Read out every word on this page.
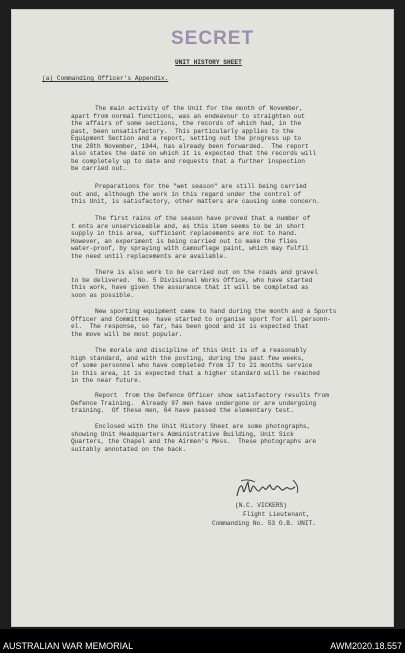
SECRET
UNIT HISTORY SHEET

(a) Commanding Officer's Appendix.

The main activity of the Unit for the month of November,
apart from normal functions, was an endeavour to straighten out
the affairs of some sections, the records of which had, in the
past, been unsatisfactory.  This particularly applies to the
Equipment Section and a report, setting out the progress up to
the 28th November, 1944, has already been forwarded.  The report
also states the date on which it is expected that the records will
be completely up to date and requests that a further inspection
be carried out.
Preparations for the "wet season" are still being carried
out and, although the work in this regard under the control of
this Unit, is satisfactory, other matters are causing some concern.
The first rains of the season have proved that a number of
t ents are unserviceable and, as this item seems to be in short
supply in this area, sufficient replacements are not to hand.
However, an experiment is being carried out to make the flies
water-proof, by spraying with camouflage paint, which may fulfil
the need until replacements are available.
There is also work to be carried out on the roads and gravel
to be delivered.  No. 5 Divisional Works Office, who have started
this work, have given the assurance that it will be completed as
soon as possible.
New sporting equipment came to hand during the month and a Sports
Officer and Committee  have started to organise sport for all personn-
el.  The response, so far, has been good and it is expected that
the move will be most popular.
The morale and discipline of this Unit is of a reasonably
high standard, and with the posting, during the past few weeks,
of some personnel who have completed from 17 to 21 months service
in this area, it is expected that a higher standard will be reached
in the near future.
Report  from the Defence Officer show satisfactory results from
Defence Training.  Already 97 men have undergone or are undergoing
training.  Of these men, 64 have passed the elementary test.
Enclosed with the Unit History Sheet are some photographs,
showing Unit Headquarters Administrative Building, Unit Sick
Quarters, the Chapel and the Airmen's Mess.  These photographs are
suitably annotated on the back.
(N.C. VICKERS)
Flight Lieutenant,
Commanding No. 53 O.B. UNIT.
AUSTRALIAN WAR MEMORIAL	AWM2020.18.557
